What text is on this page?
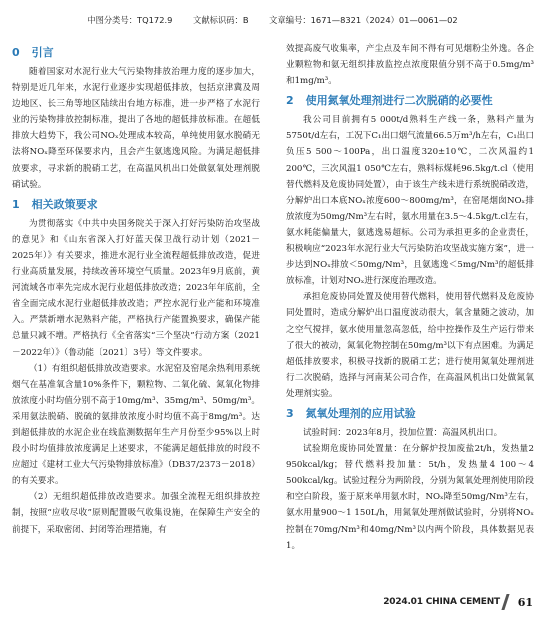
中图分类号：TQ172.9 文献标识码：B 文章编号：1671—8321（2024）01—0061—02
0 引言

随着国家对水泥行业大气污染物排放治理力度的逐步加大，特别是近几年来，水泥行业逐步实现超低排放，包括京津冀及周边地区、长三角等地区陆续出台地方标准，进一步严格了水泥行业的污染物排放控制标准，提出了各地的超低排放标准。在超低排放大趋势下，我公司NOₓ处理成本较高，单纯使用氨水脱硝无法将NOₓ降至环保要求内，且会产生氨逃逸风险。为满足超低排放要求，寻求新的脱硝工艺，在高温风机出口处做氨氧处理剂脱硝试验。

1 相关政策要求

为贯彻落实《中共中央国务院关于深入打好污染防治攻坚战的意见》和《山东省深入打好蓝天保卫战行动计划（2021－2025年）》有关要求，推进水泥行业全流程超低排放改造，促进行业高质量发展，持续改善环境空气质量。2023年9月底前，黄河流域各市率先完成水泥行业超低排放改造；2023年年底前，全省全面完成水泥行业超低排放改造；严控水泥行业产能和环境准入。严禁新增水泥熟料产能，严格执行产能置换要求，确保产能总量只减不增。严格执行《全省落实“三个坚决”行动方案（2021－2022年）》（鲁动能〔2021〕3号）等文件要求。

（1）有组织超低排放改造要求。水泥窑及窑尾余热利用系统烟气在基准氧含量10%条件下，颗粒物、二氧化硫、氮氧化物排放浓度小时均值分别不高于10mg/m³、35mg/m³、50mg/m³。采用氨法脱硝、脱硫的氨排放浓度小时均值不高于8mg/m³。达到超低排放的水泥企业在线监测数据年生产月份至少95%以上时段小时均值排放浓度满足上述要求，不能满足超低排放的时段不应超过《建材工业大气污染物排放标准》（DB37/2373－2018）的有关要求。

（2）无组织超低排放改造要求。加强全流程无组织排放控制，按照“应收尽收”原则配置吸气收集设施，在保障生产安全的前提下，采取密闭、封闭等治理措施，有

效提高废气收集率，产尘点及车间不得有可见烟粉尘外逸。各企业颗粒物和氨无组织排放监控点浓度限值分别不高于0.5mg/m³和1mg/m³。

2 使用氮氧处理剂进行二次脱硝的必要性

我公司目前拥有5 000t/d熟料生产线一条，熟料产量为5750t/d左右，工况下C₁出口烟气流量66.5万m³/h左右，C₁出口负压5 500～100Pa，出口温度320±10℃，二次风温约1 200℃，三次风温1 050℃左右，熟料标煤耗96.5kg/t.cl（使用替代燃料及危废协同处置），由于该生产线未进行系统脱硝改造，分解炉出口本底NOₓ浓度600～800mg/m³，在窑尾烟囱NOₓ排放浓度为50mg/Nm³左右时，氨水用量在3.5～4.5kg/t.cl左右，氨水耗能偏量大，氨逃逸易超标。公司为承担更多的企业责任，积极响应“2023年水泥行业大气污染防治攻坚战实施方案”，进一步达到NOₓ排放＜50mg/Nm³，且氨逃逸＜5mg/Nm³的超低排放标准，计划对NOₓ进行深度治理改造。

承担危废协同处置及使用替代燃料，使用替代燃料及危废协同处置时，造成分解炉出口温度波动很大，氧含量随之波动，加之空气搅拌，氨水使用量忽高忽低，给中控操作及生产运行带来了很大的被动，氮氧化物控制在50mg/m³以下有点困难。为满足超低排放要求，积极寻找新的脱硝工艺；进行使用氮氧处理剂进行二次脱硝，选择与河南某公司合作，在高温风机出口处做氮氧处理剂实验。

3 氮氧处理剂的应用试验

试验时间：2023年8月，投加位置：高温风机出口。

试验期危废协同处置量：在分解炉投加废盐2t/h，发热量2 950kcal/kg；替代燃料投加量：5t/h，发热量4 100～4 500kcal/kg。试验过程分为两阶段，分别为氮氧处理剂使用阶段和空白阶段，鉴于原来单用氨水时，NOₓ降至50mg/Nm³左右，氨水用量900～1 150L/h，用氮氧处理剂做试验时，分别将NOₓ控制在70mg/Nm³和40mg/Nm³以内两个阶段，具体数据见表1。

2024.01 CHINA CEMENT 61
